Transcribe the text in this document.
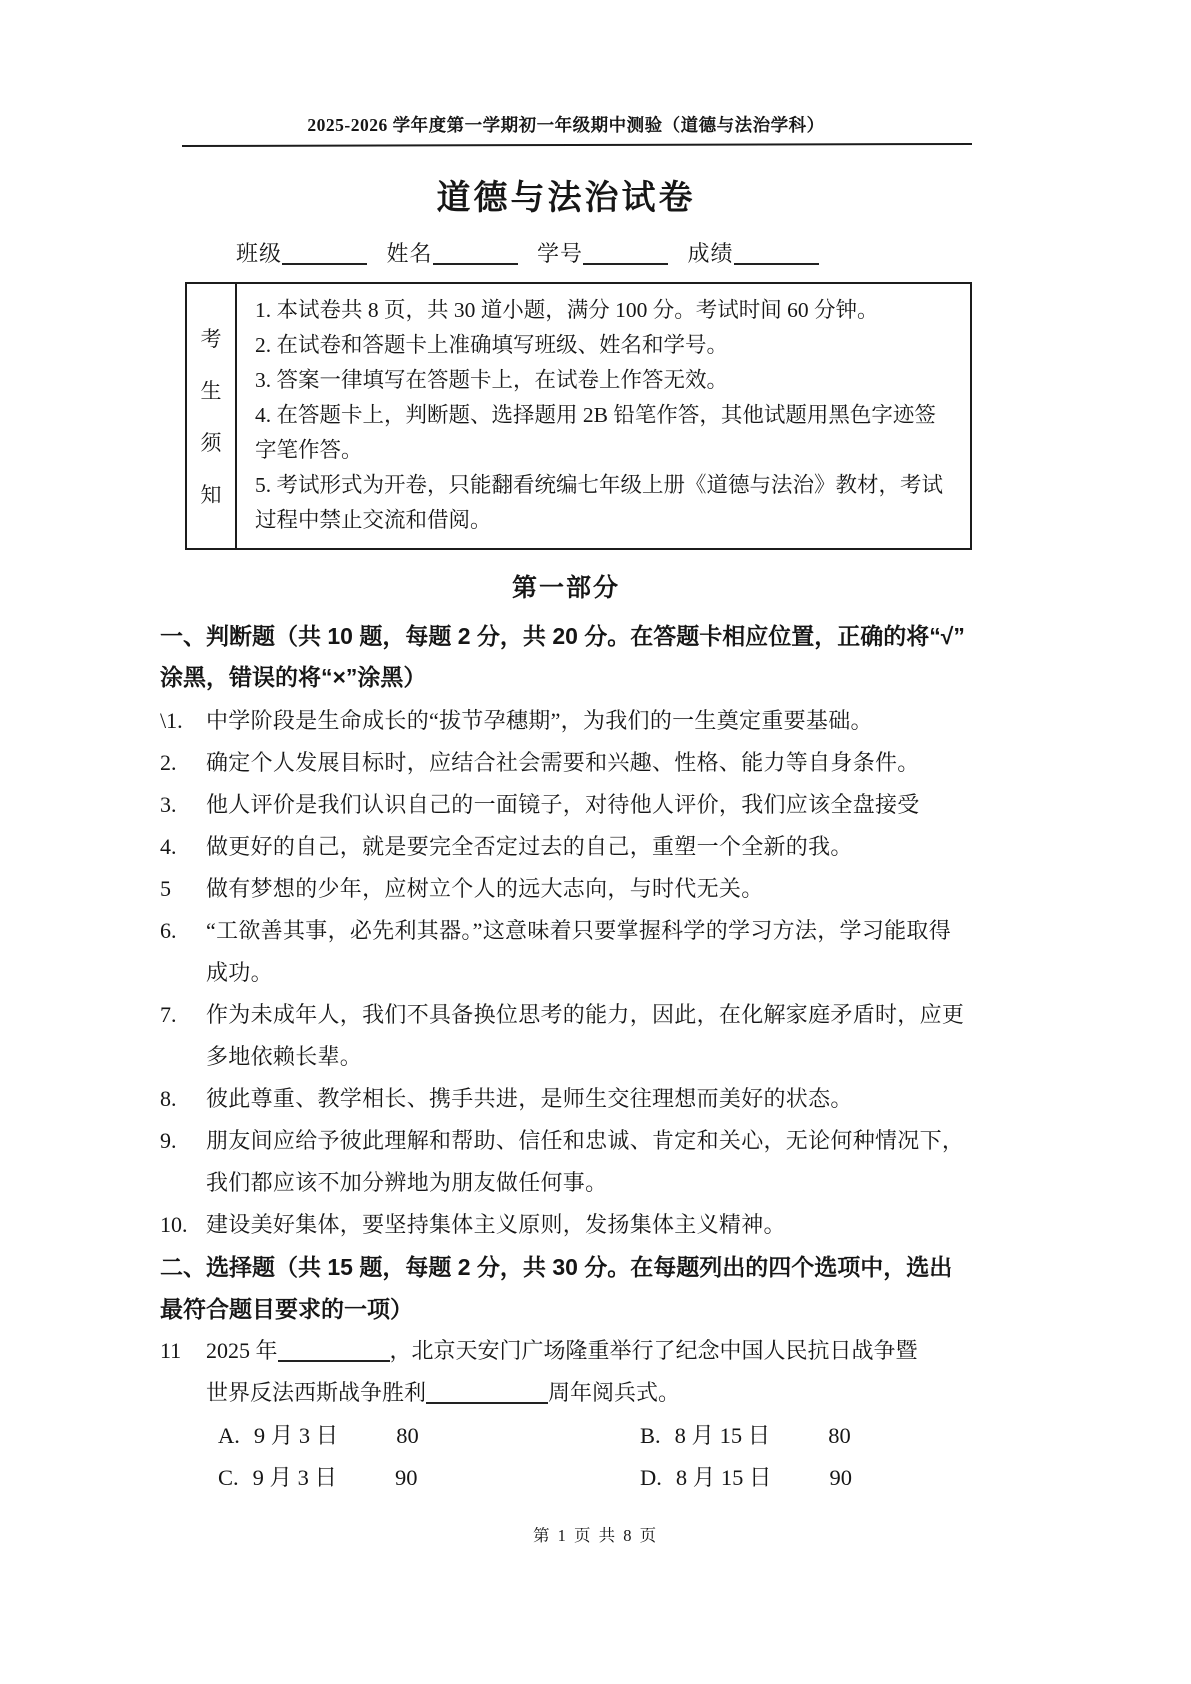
2025-2026 学年度第一学期初一年级期中测验（道德与法治学科）
道德与法治试卷
班级	姓名	学号	成绩
考
生
须
知

1. 本试卷共 8 页，共 30 道小题，满分 100 分。考试时间 60 分钟。

2. 在试卷和答题卡上准确填写班级、姓名和学号。

3. 答案一律填写在答题卡上，在试卷上作答无效。

4. 在答题卡上，判断题、选择题用 2B 铅笔作答，其他试题用黑色字迹签字笔作答。

5. 考试形式为开卷，只能翻看统编七年级上册《道德与法治》教材，考试过程中禁止交流和借阅。

第一部分
一、判断题（共 10 题，每题 2 分，共 20 分。在答题卡相应位置，正确的将“√”涂黑，错误的将“×”涂黑）
\1. 中学阶段是生命成长的“拔节孕穗期”，为我们的一生奠定重要基础。
2. 确定个人发展目标时，应结合社会需要和兴趣、性格、能力等自身条件。
3. 他人评价是我们认识自己的一面镜子，对待他人评价，我们应该全盘接受
4. 做更好的自己，就是要完全否定过去的自己，重塑一个全新的我。
5 做有梦想的少年，应树立个人的远大志向，与时代无关。
6. “工欲善其事，必先利其器。”这意味着只要掌握科学的学习方法，学习能取得成功。
7. 作为未成年人，我们不具备换位思考的能力，因此，在化解家庭矛盾时，应更多地依赖长辈。
8. 彼此尊重、教学相长、携手共进，是师生交往理想而美好的状态。
9. 朋友间应给予彼此理解和帮助、信任和忠诚、肯定和关心，无论何种情况下，我们都应该不加分辨地为朋友做任何事。
10. 建设美好集体，要坚持集体主义原则，发扬集体主义精神。
二、选择题（共 15 题，每题 2 分，共 30 分。在每题列出的四个选项中，选出最符合题目要求的一项）
11 2025 年	，北京天安门广场隆重举行了纪念中国人民抗日战争暨
世界反法西斯战争胜利	周年阅兵式。
A. 9 月 3 日	80	B. 8 月 15 日	80
C. 9 月 3 日	90	D. 8 月 15 日	90
第 1 页 共 8 页
